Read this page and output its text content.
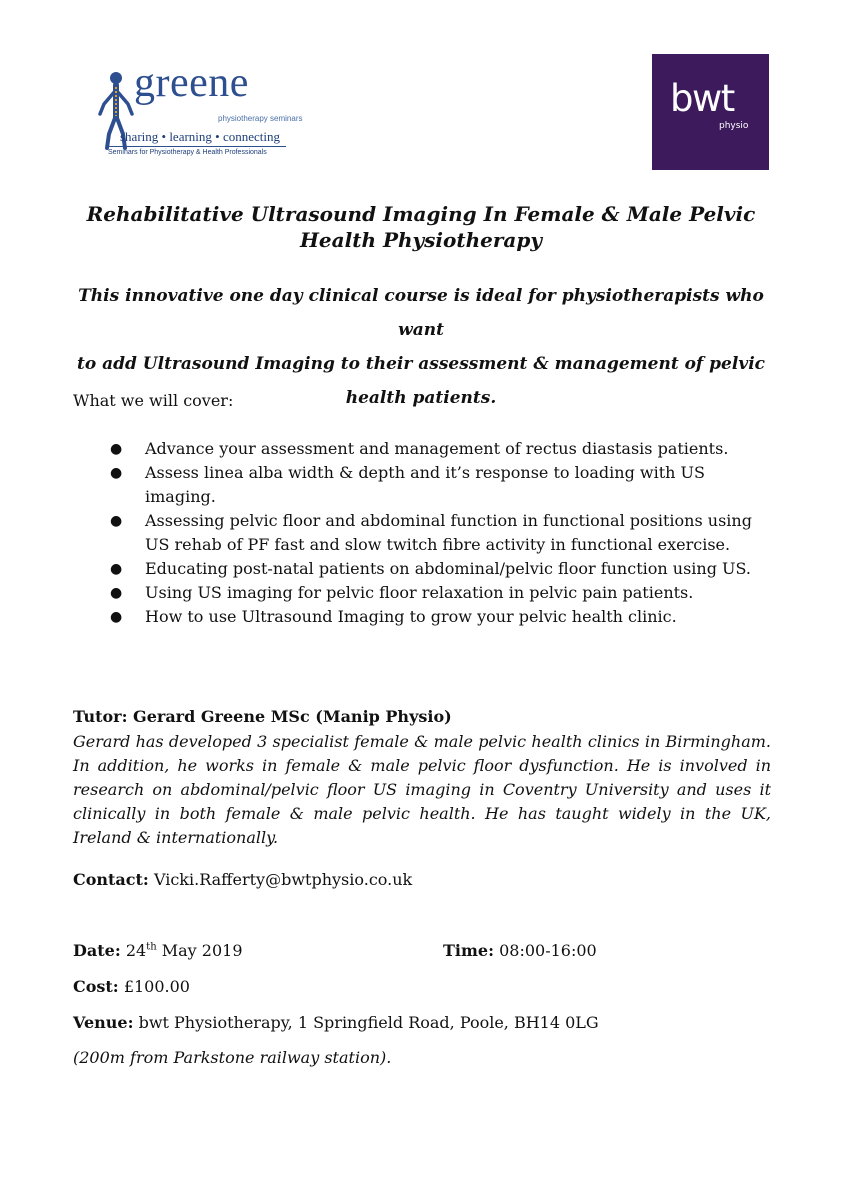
greene
physiotherapy seminars
sharing • learning • connecting
Seminars for Physiotherapy & Health Professionals
bwt
physio
Rehabilitative Ultrasound Imaging In Female & Male Pelvic
Health Physiotherapy
This innovative one day clinical course is ideal for physiotherapists who want
to add Ultrasound Imaging to their assessment & management of pelvic
health patients.
What we will cover:
● Advance your assessment and management of rectus diastasis patients.
● Assess linea alba width & depth and it’s response to loading with US imaging.
● Assessing pelvic floor and abdominal function in functional positions using US rehab of PF fast and slow twitch fibre activity in functional exercise.
● Educating post-natal patients on abdominal/pelvic floor function using US.
● Using US imaging for pelvic floor relaxation in pelvic pain patients.
● How to use Ultrasound Imaging to grow your pelvic health clinic.
Tutor: Gerard Greene MSc (Manip Physio)
Gerard has developed 3 specialist female & male pelvic health clinics in Birmingham. In addition, he works in female & male pelvic floor dysfunction. He is involved in research on abdominal/pelvic floor US imaging in Coventry University and uses it clinically in both female & male pelvic health. He has taught widely in the UK, Ireland & internationally.
Contact: Vicki.Rafferty@bwtphysio.co.uk
Date: 24th May 2019	Time: 08:00-16:00
Cost: £100.00
Venue: bwt Physiotherapy, 1 Springfield Road, Poole, BH14 0LG
(200m from Parkstone railway station).
